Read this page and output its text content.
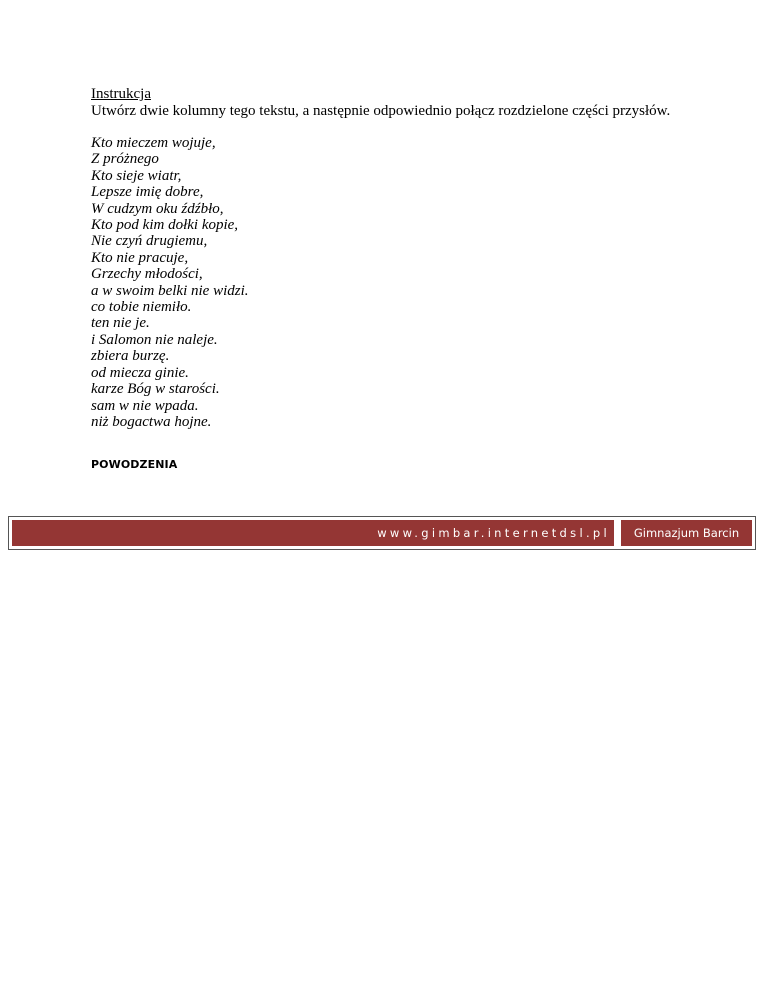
Instrukcja

Utwórz dwie kolumny tego tekstu, a następnie odpowiednio połącz rozdzielone części przysłów.

Kto mieczem wojuje,
Z próżnego
Kto sieje wiatr,
Lepsze imię dobre,
W cudzym oku źdźbło,
Kto pod kim dołki kopie,
Nie czyń drugiemu,
Kto nie pracuje,
Grzechy młodości,
a w swoim belki nie widzi.
co tobie niemiło.
ten nie je.
i Salomon nie naleje.
zbiera burzę.
od miecza ginie.
karze Bóg w starości.
sam w nie wpada.
niż bogactwa hojne.
POWODZENIA
www.gimbar.internetdsl.pl	Gimnazjum Barcin
